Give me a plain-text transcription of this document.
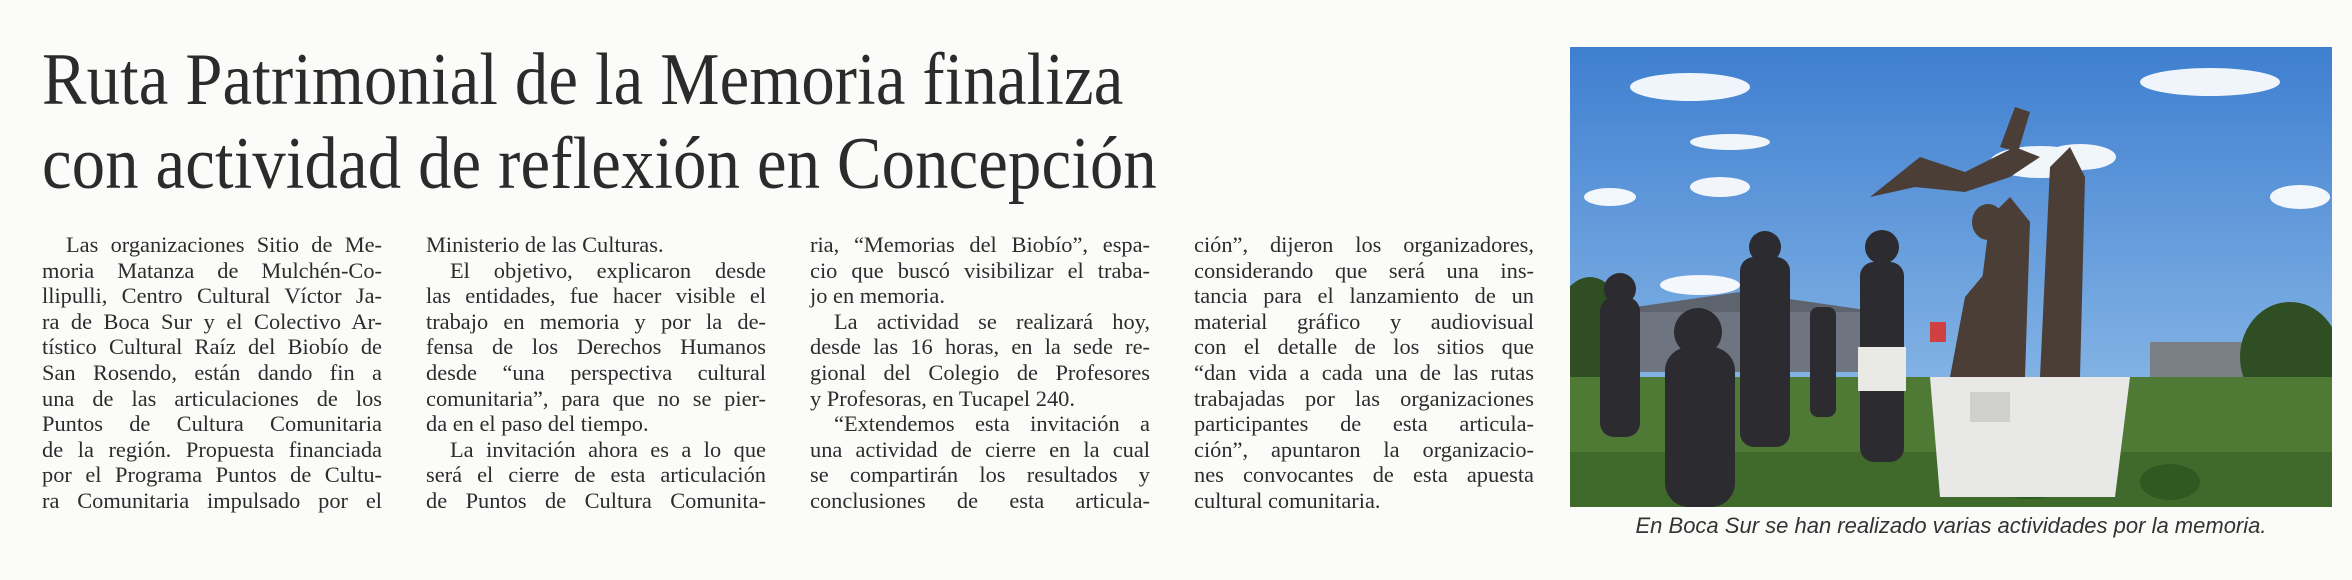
Ruta Patrimonial de la Memoria finaliza
con actividad de reflexión en Concepción

Las organizaciones Sitio de Me-
moria Matanza de Mulchén-Co-
llipulli, Centro Cultural Víctor Ja-
ra de Boca Sur y el Colectivo Ar-
tístico Cultural Raíz del Biobío de
San Rosendo, están dando fin a
una de las articulaciones de los
Puntos de Cultura Comunitaria
de la región. Propuesta financiada
por el Programa Puntos de Cultu-
ra Comunitaria impulsado por el

Ministerio de las Culturas.

El objetivo, explicaron desde
las entidades, fue hacer visible el
trabajo en memoria y por la de-
fensa de los Derechos Humanos
desde “una perspectiva cultural
comunitaria”, para que no se pier-
da en el paso del tiempo.

La invitación ahora es a lo que
será el cierre de esta articulación
de Puntos de Cultura Comunita-

ria, “Memorias del Biobío”, espa-
cio que buscó visibilizar el traba-
jo en memoria.

La actividad se realizará hoy,
desde las 16 horas, en la sede re-
gional del Colegio de Profesores
y Profesoras, en Tucapel 240.

“Extendemos esta invitación a
una actividad de cierre en la cual
se compartirán los resultados y
conclusiones de esta articula-

ción”, dijeron los organizadores,
considerando que será una ins-
tancia para el lanzamiento de un
material gráfico y audiovisual
con el detalle de los sitios que
“dan vida a cada una de las rutas
trabajadas por las organizaciones
participantes de esta articula-
ción”, apuntaron la organizacio-
nes convocantes de esta apuesta
cultural comunitaria.

En Boca Sur se han realizado varias actividades por la memoria.
